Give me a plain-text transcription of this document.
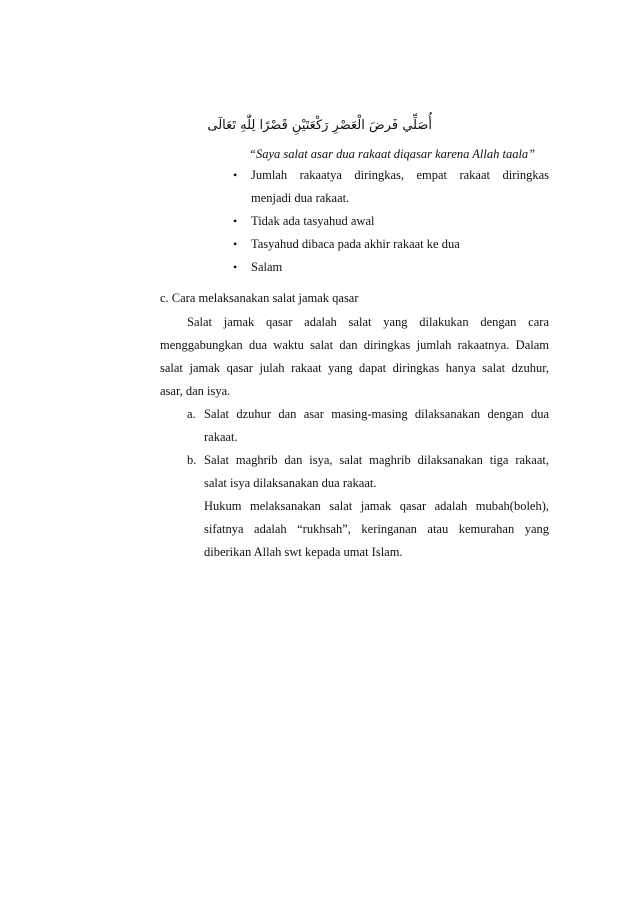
أُصَلِّي فَرضَ الْعَصْرِ رَكْعَتَيْنِ قَصْرًا لِلّٰهِ تَعَالَى
“Saya salat asar dua rakaat diqasar karena Allah taala”
• Jumlah rakaatya diringkas, empat rakaat diringkas
menjadi dua rakaat.
• Tidak ada tasyahud awal
• Tasyahud dibaca pada akhir rakaat ke dua
• Salam
c. Cara melaksanakan salat jamak qasar
Salat jamak qasar adalah salat yang dilakukan dengan cara
menggabungkan dua waktu salat dan diringkas jumlah rakaatnya. Dalam
salat jamak qasar julah rakaat yang dapat diringkas hanya salat dzuhur,
asar, dan isya.
a. Salat dzuhur dan asar masing-masing dilaksanakan dengan dua
rakaat.
b. Salat maghrib dan isya, salat maghrib dilaksanakan tiga rakaat,
salat isya dilaksanakan dua rakaat.
Hukum melaksanakan salat jamak qasar adalah mubah(boleh),
sifatnya adalah “rukhsah”, keringanan atau kemurahan yang
diberikan Allah swt kepada umat Islam.
